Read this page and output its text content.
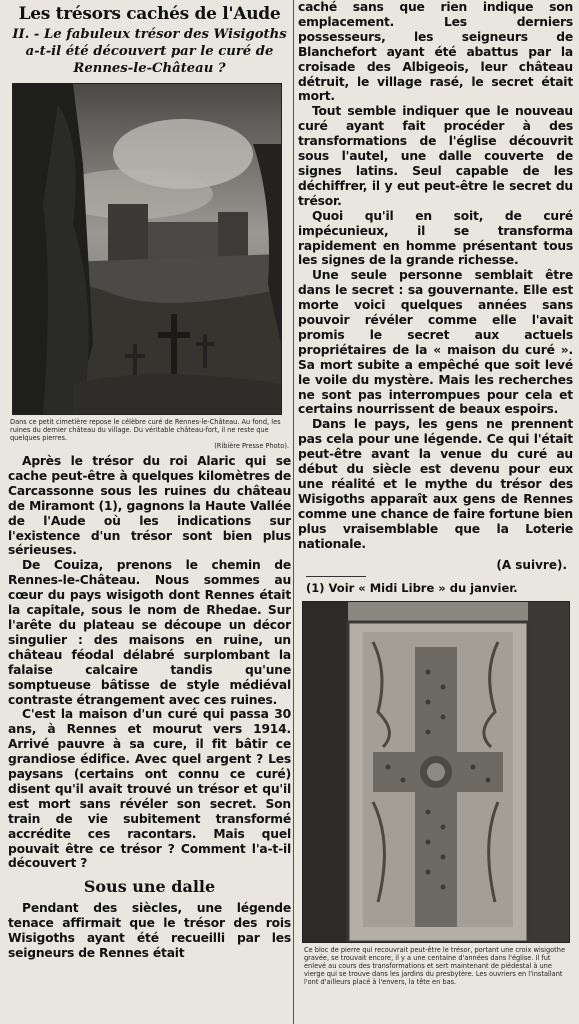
Les trésors cachés de l'Aude
II. - Le fabuleux trésor des Wisigoths a-t-il été découvert par le curé de Rennes-le-Château ?
Dans ce petit cimetière repose le célèbre curé de Rennes-le-Château. Au fond, les ruines du dernier château du village. Du véritable château-fort, il ne reste que quelques pierres.
(Ribière Presse Photo).

Après le trésor du roi Alaric qui se cache peut-être à quelques kilomètres de Carcassonne sous les ruines du château de Miramont (1), gagnons la Haute Vallée de l'Aude où les indications sur l'existence d'un trésor sont bien plus sérieuses.

De Couiza, prenons le chemin de Rennes-le-Château. Nous sommes au cœur du pays wisigoth dont Rennes était la capitale, sous le nom de Rhedae. Sur l'arête du plateau se découpe un décor singulier : des maisons en ruine, un château féodal délabré surplombant la falaise calcaire tandis qu'une somptueuse bâtisse de style médiéval contraste étrangement avec ces ruines.

C'est la maison d'un curé qui passa 30 ans, à Rennes et mourut vers 1914. Arrivé pauvre à sa cure, il fit bâtir ce grandiose édifice. Avec quel argent ? Les paysans (certains ont connu ce curé) disent qu'il avait trouvé un trésor et qu'il est mort sans révéler son secret. Son train de vie subitement transformé accrédite ces racontars. Mais quel pouvait être ce trésor ? Comment l'a-t-il découvert ?

Sous une dalle

Pendant des siècles, une légende tenace affirmait que le trésor des rois Wisigoths ayant été recueilli par les seigneurs de Rennes était

caché sans que rien indique son emplacement. Les derniers possesseurs, les seigneurs de Blanchefort ayant été abattus par la croisade des Albigeois, leur château détruit, le village rasé, le secret était mort.

Tout semble indiquer que le nouveau curé ayant fait procéder à des transformations de l'église découvrit sous l'autel, une dalle couverte de signes latins. Seul capable de les déchiffrer, il y eut peut-être le secret du trésor.

Quoi qu'il en soit, de curé impécunieux, il se transforma rapidement en homme présentant tous les signes de la grande richesse.

Une seule personne semblait être dans le secret : sa gouvernante. Elle est morte voici quelques années sans pouvoir révéler comme elle l'avait promis le secret aux actuels propriétaires de la « maison du curé ». Sa mort subite a empêché que soit levé le voile du mystère. Mais les recherches ne sont pas interrompues pour cela et certains nourrissent de beaux espoirs.

Dans le pays, les gens ne prennent pas cela pour une légende. Ce qui l'était peut-être avant la venue du curé au début du siècle est devenu pour eux une réalité et le mythe du trésor des Wisigoths apparaît aux gens de Rennes comme une chance de faire fortune bien plus vraisemblable que la Loterie nationale.

(A suivre).
(1) Voir « Midi Libre » du janvier.
Ce bloc de pierre qui recouvrait peut-être le trésor, portant une croix wisigothe gravée, se trouvait encore, il y a une centaine d'années dans l'église. Il fut enlevé au cours des transformations et sert maintenant de piédestal à une vierge qui se trouve dans les jardins du presbytère. Les ouvriers en l'installant l'ont d'ailleurs placé à l'envers, la tête en bas.
